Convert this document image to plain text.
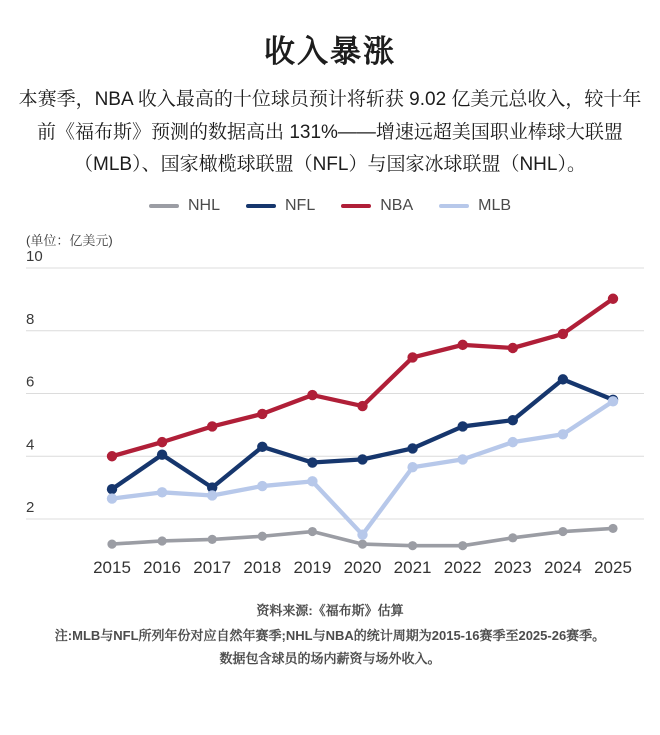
收入暴涨

本赛季，NBA 收入最高的十位球员预计将斩获 9.02 亿美元总收入，较十年前《福布斯》预测的数据高出 131%——增速远超美国职业棒球大联盟（MLB）、国家橄榄球联盟（NFL）与国家冰球联盟（NHL）。

NHL	NFL	NBA	MLB
(单位：亿美元)
10
8
6
4
2
2015 2016 2017 2018 2019 2020 2021 2022 2023 2024 2025
资料来源:《福布斯》估算
注:MLB与NFL所列年份对应自然年赛季;NHL与NBA的统计周期为2015-16赛季至2025-26赛季。
数据包含球员的场内薪资与场外收入。
